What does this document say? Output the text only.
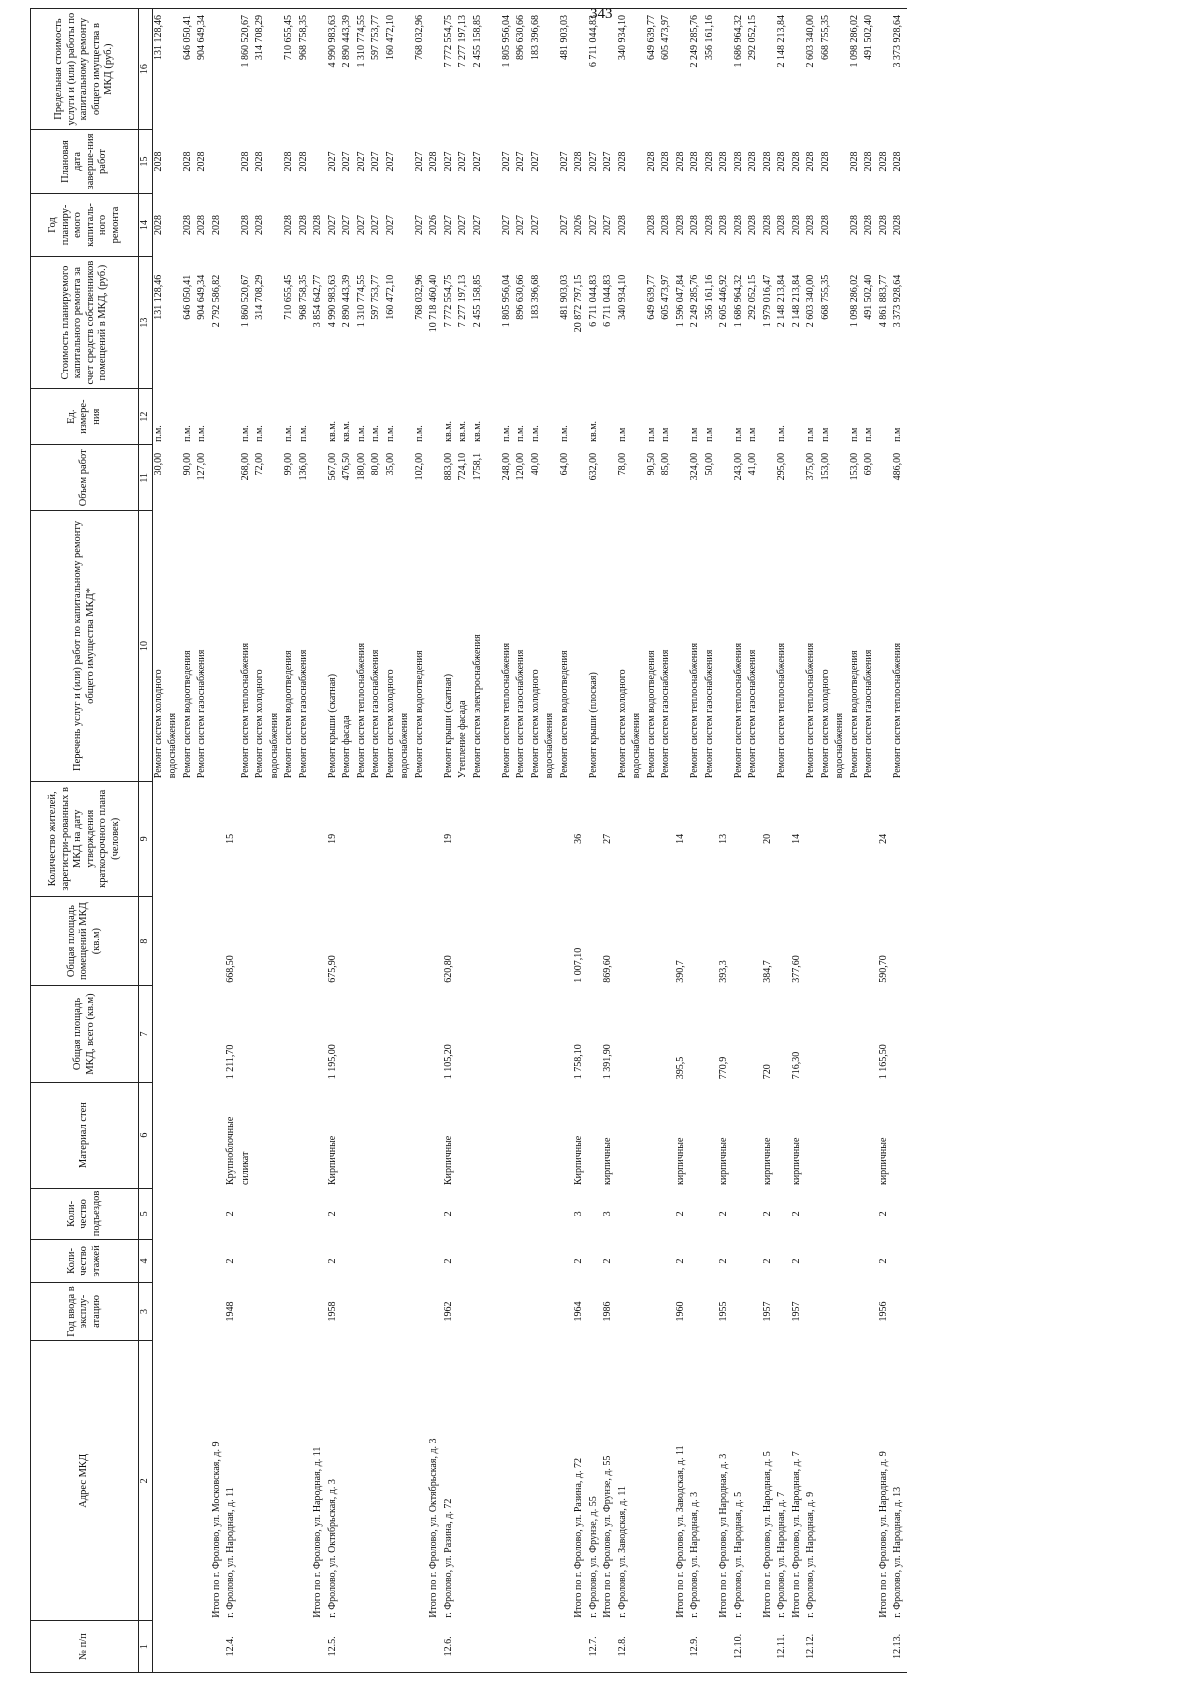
343
№ п/п	Адрес МКД	Год ввода в эксплу-атацию	Коли-чество этажей	Коли-чество подъездов	Материал стен	Общая площадь МКД, всего (кв.м)	Общая площадь помещений МКД (кв.м)	Количество жителей, зарегистри-рованных в МКД на дату утверждения краткосрочного плана (человек)	Перечень услуг и (или) работ по капитальному ремонту общего имущества МКД*	Объем работ	Ед. измере-ния	Стоимость планируемого капитального ремонта за счет средств собственников помещений в МКД, (руб.)	Год планиру-емого капиталь-ного ремонта	Плановая дата заверше-ния работ	Предельная стоимость услуги и (или) работы по капитальному ремонту общего имущества в МКД (руб.)
1	2	3	4	5	6	7	8	9	10	11	12	13	14	15	16
									Ремонт систем холодного	30,00	п.м.	131 128,46	2028	2028	131 128,46
									водоснабжения						
									Ремонт систем водоотведения	90,00	п.м.	646 050,41	2028	2028	646 050,41
									Ремонт систем газоснабжения	127,00	п.м.	904 649,34	2028	2028	904 649,34
	Итого по г. Фролово, ул. Московская, д. 9											2 792 586,82	2028		
12.4.	г. Фролово, ул. Народная, д. 11	1948	2	2	Крупноблочные	1 211,70	668,50	15							
					силикат				Ремонт систем теплоснабжения	268,00	п.м.	1 860 520,67	2028	2028	1 860 520,67
									Ремонт систем холодного	72,00	п.м.	314 708,29	2028	2028	314 708,29
									водоснабжения						
									Ремонт систем водоотведения	99,00	п.м.	710 655,45	2028	2028	710 655,45
									Ремонт систем газоснабжения	136,00	п.м.	968 758,35	2028	2028	968 758,35
	Итого по г. Фролово, ул. Народная, д. 11											3 854 642,77	2028		
12.5.	г. Фролово, ул. Октябрьская, д. 3	1958	2	2	Кирпичные	1 195,00	675,90	19	Ремонт крыши (скатная)	567,00	кв.м.	4 990 983,63	2027	2027	4 990 983,63
									Ремонт фасада	476,50	кв.м.	2 890 443,39	2027	2027	2 890 443,39
									Ремонт систем теплоснабжения	180,00	п.м.	1 310 774,55	2027	2027	1 310 774,55
									Ремонт систем газоснабжения	80,00	п.м.	597 753,77	2027	2027	597 753,77
									Ремонт систем холодного	35,00	п.м.	160 472,10	2027	2027	160 472,10
									водоснабжения						
									Ремонт систем водоотведения	102,00	п.м.	768 032,96	2027	2027	768 032,96
	Итого по г. Фролово, ул. Октябрьская, д. 3											10 718 460,40	2026	2028	
12.6.	г. Фролово, ул. Разина, д. 72	1962	2	2	Кирпичные	1 105,20	620,80	19	Ремонт крыши (скатная)	883,00	кв.м.	7 772 554,75	2027	2027	7 772 554,75
									Утепление фасада	724,10	кв.м.	7 277 197,13	2027	2027	7 277 197,13
									Ремонт систем электроснабжения	1758,1	кв.м.	2 455 158,85	2027	2027	2 455 158,85

									Ремонт систем теплоснабжения	248,00	п.м.	1 805 956,04	2027	2027	1 805 956,04
									Ремонт систем газоснабжения	120,00	п.м.	896 630,66	2027	2027	896 630,66
									Ремонт систем холодного	40,00	п.м.	183 396,68	2027	2027	183 396,68
									водоснабжения						
									Ремонт систем водоотведения	64,00	п.м.	481 903,03	2027	2027	481 903,03
	Итого по г. Фролово, ул. Разина, д. 72	1964	2	3	Кирпичные	1 758,10	1 007,10	36				20 872 797,15	2026	2028	
12.7.	г. Фролово, ул. Фрунзе, д. 55								Ремонт крыши (плоская)	632,00	кв.м.	6 711 044,83	2027	2027	6 711 044,83
	Итого по г. Фролово, ул. Фрунзе, д. 55	1986	2	3	кирпичные	1 391,90	869,60	27				6 711 044,83	2027	2027	
12.8.	г. Фролово, ул. Заводская, д. 11								Ремонт систем холодного	78,00	п.м	340 934,10	2028	2028	340 934,10
									водоснабжения						
									Ремонт систем водоотведения	90,50	п.м	649 639,77	2028	2028	649 639,77
									Ремонт систем газоснабжения	85,00	п.м	605 473,97	2028	2028	605 473,97
	Итого по г. Фролово, ул. Заводская, д. 11	1960	2	2	кирпичные	395,5	390,7	14				1 596 047,84	2028	2028	
12.9.	г. Фролово, ул. Народная, д. 3								Ремонт систем теплоснабжения	324,00	п.м	2 249 285,76	2028	2028	2 249 285,76
									Ремонт систем газоснабжения	50,00	п.м	356 161,16	2028	2028	356 161,16
	Итого по г. Фролово, ул Народная, д. 3	1955	2	2	кирпичные	770,9	393,3	13				2 605 446,92	2028	2028	
12.10.	г. Фролово, ул. Народная, д. 5								Ремонт систем теплоснабжения	243,00	п.м	1 686 964,32	2028	2028	1 686 964,32
									Ремонт систем газоснабжения	41,00	п.м	292 052,15	2028	2028	292 052,15
	Итого по г. Фролово, ул. Народная, д. 5	1957	2	2	кирпичные	720	384,7	20				1 979 016,47	2028	2028	
12.11.	г. Фролово, ул. Народная, д. 7								Ремонт систем теплоснабжения	295,00	п.м.	2 148 213,84	2028	2028	2 148 213,84
	Итого по г. Фролово, ул. Народная, д. 7	1957	2	2	кирпичные	716,30	377,60	14				2 148 213,84	2028	2028	
12.12.	г. Фролово, ул. Народная, д. 9								Ремонт систем теплоснабжения	375,00	п.м	2 603 340,00	2028	2028	2 603 340,00
									Ремонт систем холодного	153,00	п.м	668 755,35	2028	2028	668 755,35
									водоснабжения						
									Ремонт систем водоотведения	153,00	п.м	1 098 286,02	2028	2028	1 098 286,02
									Ремонт систем газоснабжения	69,00	п.м	491 502,40	2028	2028	491 502,40
	Итого по г. Фролово, ул. Народная, д. 9	1956	2	2	кирпичные	1 165,50	590,70	24				4 861 883,77	2028	2028	
12.13.	г. Фролово, ул. Народная, д. 13								Ремонт систем теплоснабжения	486,00	п.м	3 373 928,64	2028	2028	3 373 928,64
